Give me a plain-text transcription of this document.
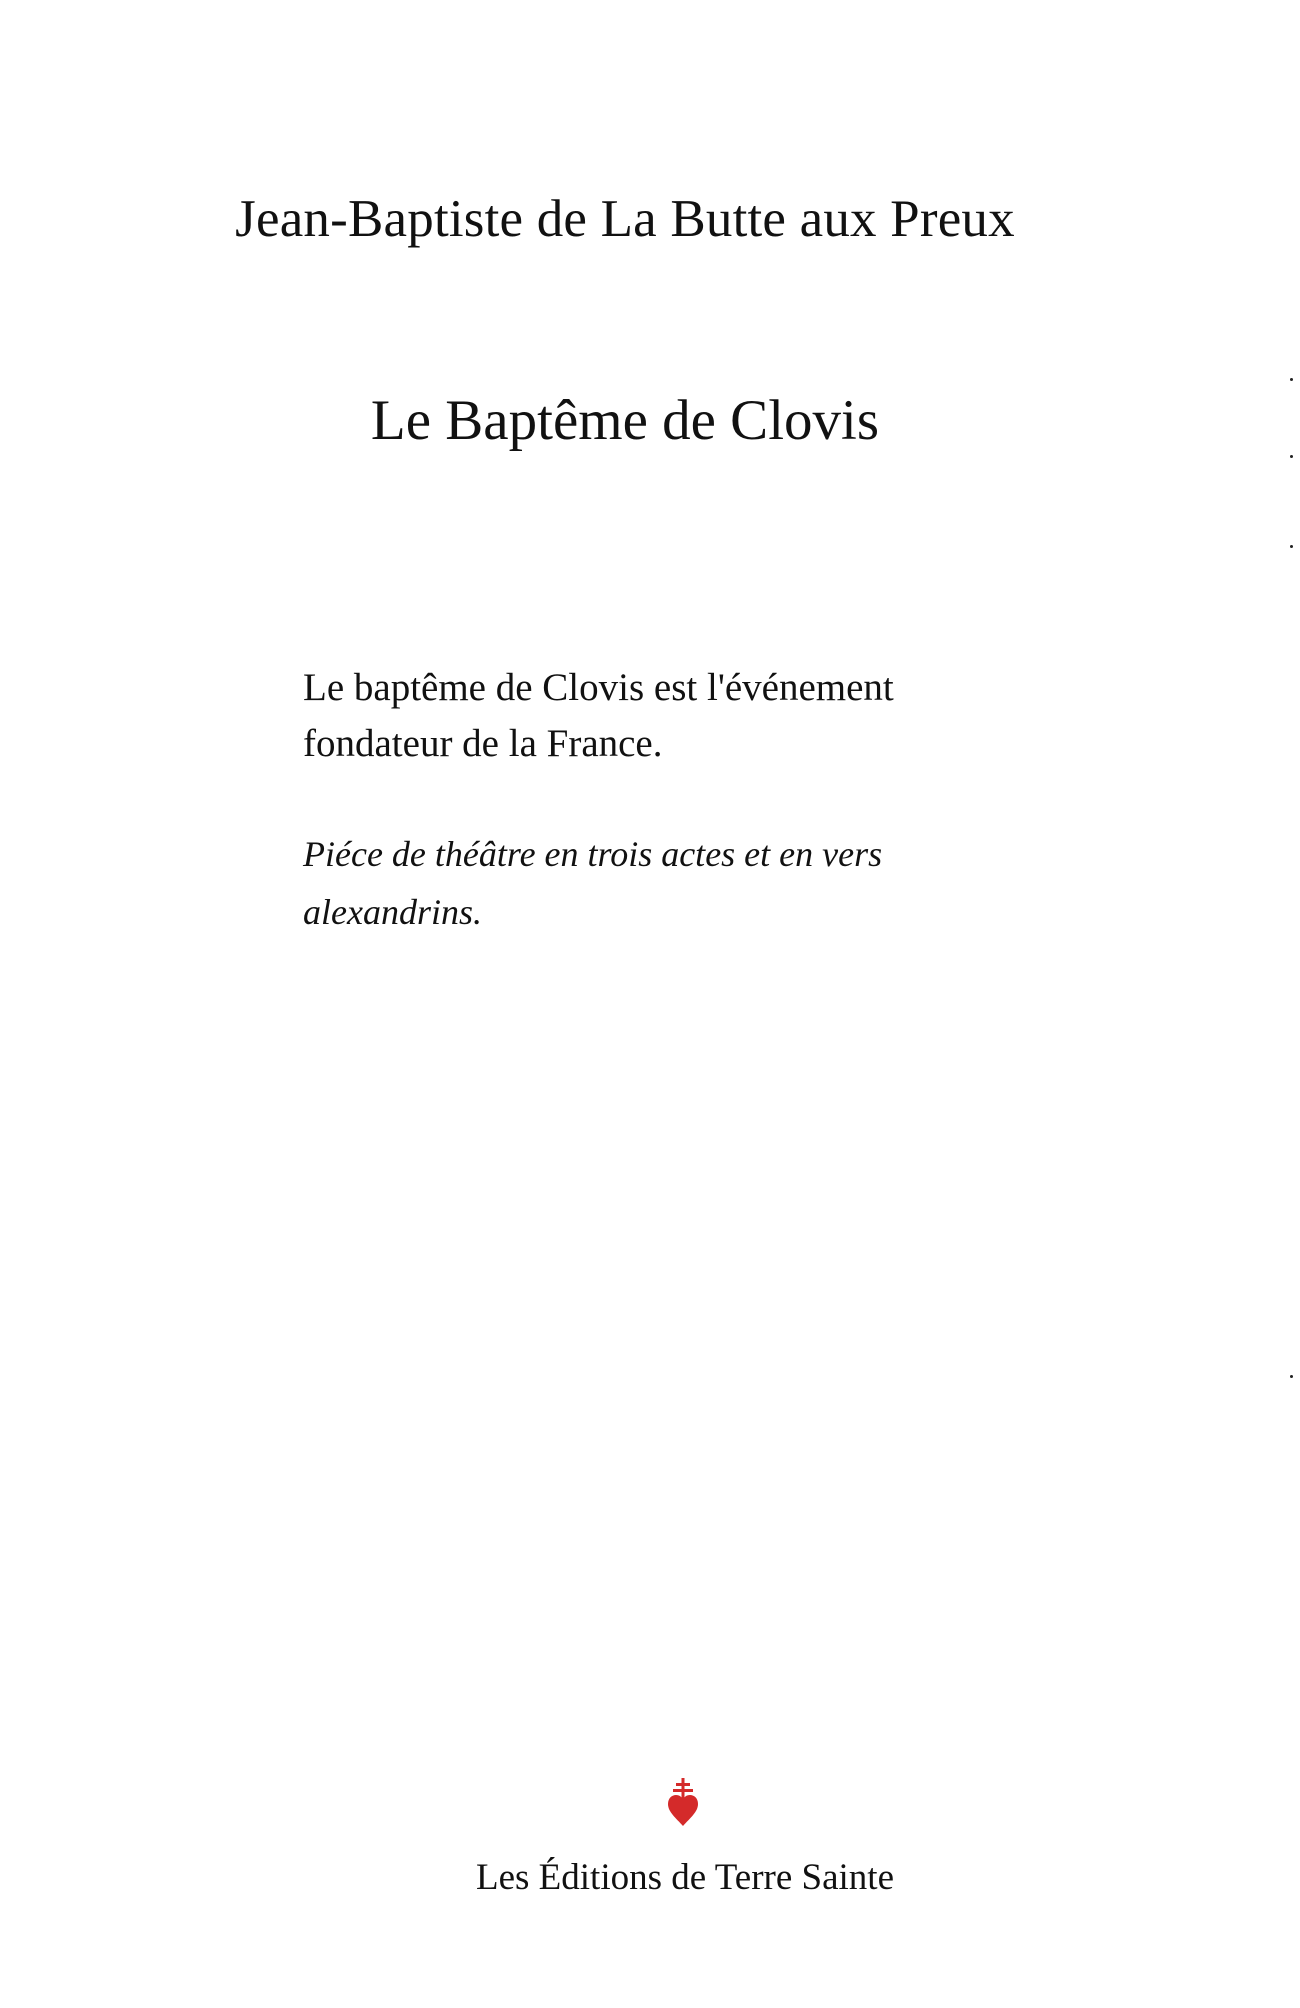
Jean-Baptiste de La Butte aux Preux
Le Baptême de Clovis
Le baptême de Clovis est l'événement
fondateur de la France.
Piéce de théâtre en trois actes et en vers
alexandrins.
Les Éditions de Terre Sainte
